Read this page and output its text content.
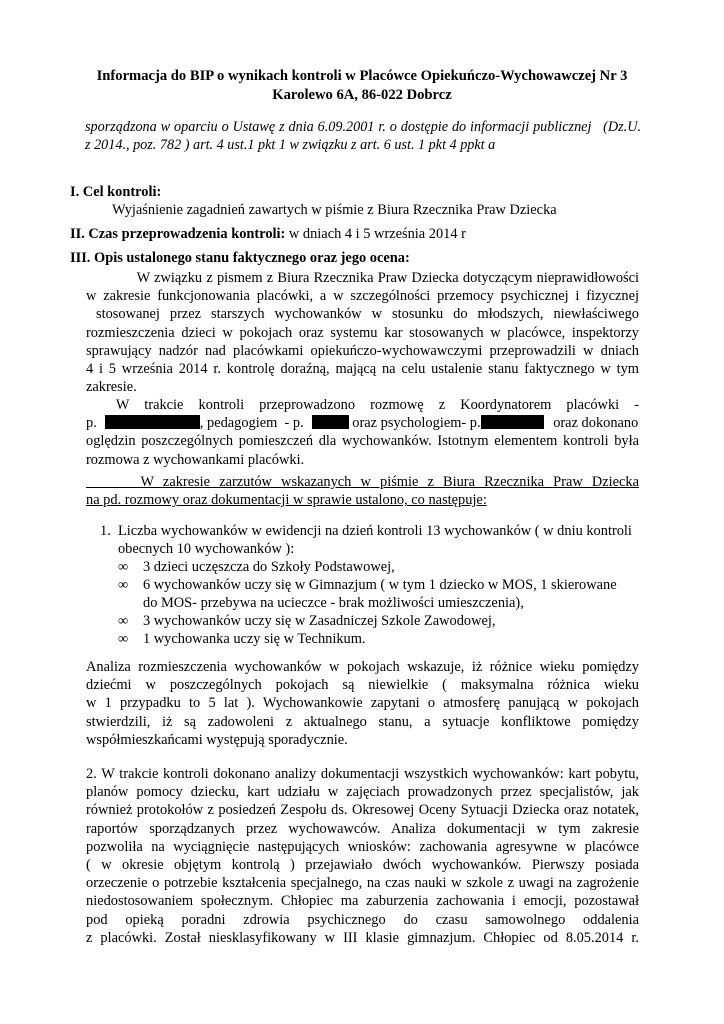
Informacja do BIP o wynikach kontroli w Placówce Opiekuńczo-Wychowawczej Nr 3
Karolewo 6A, 86-022 Dobrcz
sporządzona w oparciu o Ustawę z dnia 6.09.2001 r. o dostępie do informacji publicznej   (Dz.U.
z 2014., poz. 782 ) art. 4 ust.1 pkt 1 w związku z art. 6 ust. 1 pkt 4 ppkt a
I. Cel kontroli:
Wyjaśnienie zagadnień zawartych w piśmie z Biura Rzecznika Praw Dziecka
II. Czas przeprowadzenia kontroli: w dniach 4 i 5 września 2014 r
III. Opis ustalonego stanu faktycznego oraz jego ocena:
W związku z pismem z Biura Rzecznika Praw Dziecka dotyczącym nieprawidłowości
w zakresie funkcjonowania placówki, a w szczególności przemocy psychicznej i fizycznej
stosowanej przez starszych wychowanków w stosunku do młodszych, niewłaściwego
rozmieszczenia dzieci w pokojach oraz systemu kar stosowanych w placówce, inspektorzy
sprawujący nadzór nad placówkami opiekuńczo-wychowawczymi przeprowadzili w dniach
4 i 5 września 2014 r. kontrolę doraźną, mającą na celu ustalenie stanu faktycznego w tym
zakresie.
W   trakcie   kontroli   przeprowadzono   rozmowę   z   Koordynatorem   placówki   -
p.	, pedagogiem  - p.	oraz psychologiem- p.	oraz dokonano
oględzin poszczególnych pomieszczeń dla wychowanków. Istotnym elementem kontroli była
rozmowa z wychowankami placówki.
W  zakresie  zarzutów  wskazanych  w  piśmie  z  Biura  Rzecznika  Praw  Dziecka
na pd. rozmowy oraz dokumentacji w sprawie ustalono, co następuje:
1.  Liczba wychowanków w ewidencji na dzień kontroli 13 wychowanków ( w dniu kontroli
obecnych 10 wychowanków ):
∞ 3 dzieci uczęszcza do Szkoły Podstawowej,
∞ 6 wychowanków uczy się w Gimnazjum ( w tym 1 dziecko w MOS, 1 skierowane
do MOS- przebywa na ucieczce - brak możliwości umieszczenia),
∞ 3 wychowanków uczy się w Zasadniczej Szkole Zawodowej,
∞ 1 wychowanka uczy się w Technikum.
Analiza rozmieszczenia wychowanków w pokojach wskazuje, iż różnice wieku pomiędzy
dziećmi w poszczególnych pokojach są niewielkie ( maksymalna różnica wieku
w 1 przypadku to 5 lat ). Wychowankowie zapytani o atmosferę panującą w pokojach
stwierdzili, iż są zadowoleni z aktualnego stanu, a sytuacje konfliktowe pomiędzy
współmieszkańcami występują sporadycznie.
2. W trakcie kontroli dokonano analizy dokumentacji wszystkich wychowanków: kart pobytu,
planów pomocy dziecku, kart udziału w zajęciach prowadzonych przez specjalistów, jak
również protokołów z posiedzeń Zespołu ds. Okresowej Oceny Sytuacji Dziecka oraz notatek,
raportów sporządzanych przez wychowawców. Analiza dokumentacji w tym zakresie
pozwoliła na wyciągnięcie następujących wniosków: zachowania agresywne w placówce
( w okresie objętym kontrolą ) przejawiało dwóch wychowanków. Pierwszy posiada
orzeczenie o potrzebie kształcenia specjalnego, na czas nauki w szkole z uwagi na zagrożenie
niedostosowaniem społecznym. Chłopiec ma zaburzenia zachowania i emocji, pozostawał
pod opieką poradni zdrowia psychicznego do czasu samowolnego oddalenia
z placówki. Został niesklasyfikowany w III klasie gimnazjum. Chłopiec od 8.05.2014 r.
